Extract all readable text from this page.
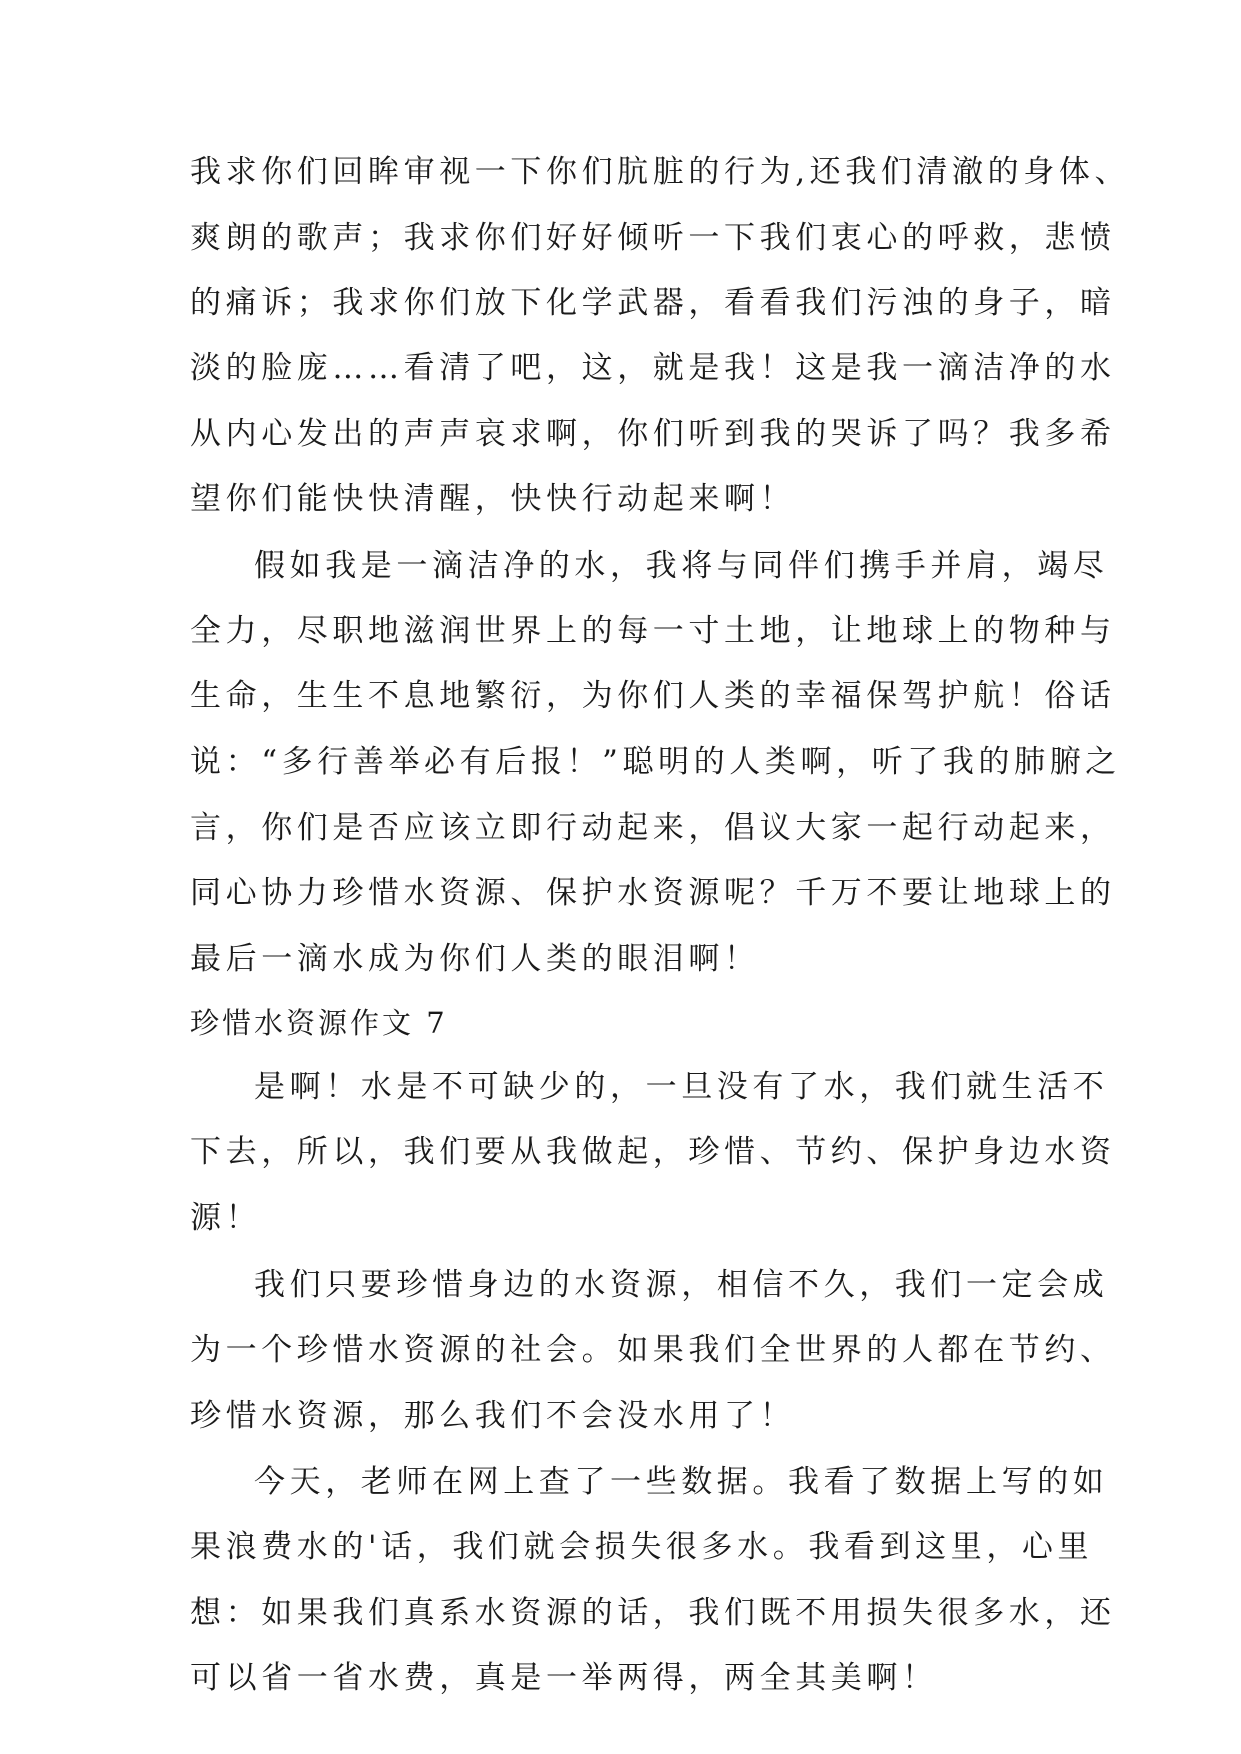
我求你们回眸审视一下你们肮脏的行为,还我们清澈的身体、
爽朗的歌声；我求你们好好倾听一下我们衷心的呼救，悲愤
的痛诉；我求你们放下化学武器，看看我们污浊的身子，暗
淡的脸庞……看清了吧，这，就是我！这是我一滴洁净的水
从内心发出的声声哀求啊，你们听到我的哭诉了吗？我多希
望你们能快快清醒，快快行动起来啊！
假如我是一滴洁净的水，我将与同伴们携手并肩，竭尽
全力，尽职地滋润世界上的每一寸土地，让地球上的物种与
生命，生生不息地繁衍，为你们人类的幸福保驾护航！俗话
说：“多行善举必有后报！”聪明的人类啊，听了我的肺腑之
言，你们是否应该立即行动起来，倡议大家一起行动起来，
同心协力珍惜水资源、保护水资源呢？千万不要让地球上的
最后一滴水成为你们人类的眼泪啊！
珍惜水资源作文 7
是啊！水是不可缺少的，一旦没有了水，我们就生活不
下去，所以，我们要从我做起，珍惜、节约、保护身边水资
源！
我们只要珍惜身边的水资源，相信不久，我们一定会成
为一个珍惜水资源的社会。如果我们全世界的人都在节约、
珍惜水资源，那么我们不会没水用了！
今天，老师在网上查了一些数据。我看了数据上写的如
果浪费水的'话，我们就会损失很多水。我看到这里，心里
想：如果我们真系水资源的话，我们既不用损失很多水，还
可以省一省水费，真是一举两得，两全其美啊！
